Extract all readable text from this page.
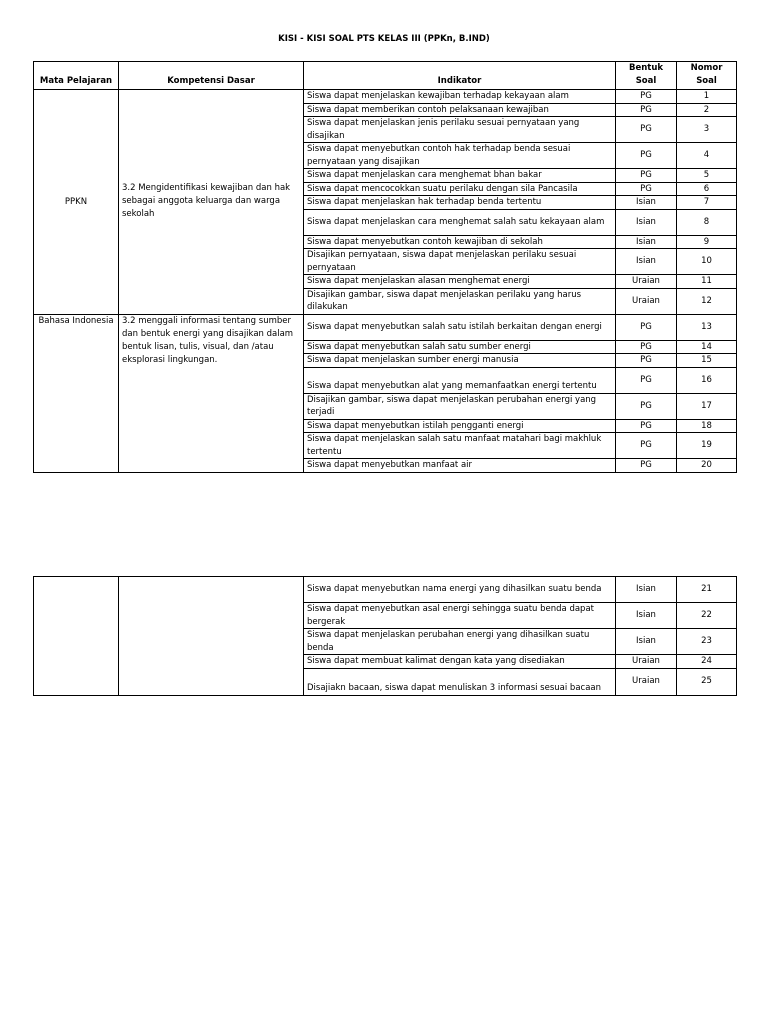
KISI - KISI SOAL PTS KELAS III (PPKn, B.IND)
Mata Pelajaran	Kompetensi Dasar	Indikator	Bentuk Soal	Nomor Soal
PPKN	3.2 Mengidentifikasi kewajiban dan hak sebagai anggota keluarga dan warga sekolah	Siswa dapat menjelaskan kewajiban terhadap kekayaan alam	PG	1
		Siswa dapat memberikan contoh pelaksanaan kewajiban	PG	2
		Siswa dapat menjelaskan jenis perilaku sesuai pernyataan yang disajikan	PG	3
		Siswa dapat menyebutkan contoh hak terhadap benda sesuai pernyataan yang disajikan	PG	4
		Siswa dapat menjelaskan cara menghemat bhan bakar	PG	5
		Siswa dapat mencocokkan suatu perilaku dengan sila Pancasila	PG	6
		Siswa dapat menjelaskan hak terhadap benda tertentu	Isian	7
		Siswa dapat menjelaskan cara menghemat salah satu kekayaan alam	Isian	8
		Siswa dapat menyebutkan contoh kewajiban di sekolah	Isian	9
		Disajikan pernyataan, siswa dapat menjelaskan perilaku sesuai pernyataan	Isian	10
		Siswa dapat menjelaskan alasan menghemat energi	Uraian	11
		Disajikan gambar, siswa dapat menjelaskan perilaku yang harus dilakukan	Uraian	12
Bahasa Indonesia	3.2 menggali informasi tentang sumber dan bentuk energi yang disajikan dalam bentuk lisan, tulis, visual, dan /atau eksplorasi lingkungan.	Siswa dapat menyebutkan salah satu istilah berkaitan dengan energi	PG	13
		Siswa dapat menyebutkan salah satu sumber energi	PG	14
		Siswa dapat menjelaskan sumber energi manusia	PG	15
		Siswa dapat menyebutkan alat yang memanfaatkan energi tertentu	PG	16
		Disajikan gambar, siswa dapat menjelaskan perubahan energi yang terjadi	PG	17
		Siswa dapat menyebutkan istilah pengganti energi	PG	18
		Siswa dapat menjelaskan salah satu manfaat matahari bagi makhluk tertentu	PG	19
		Siswa dapat menyebutkan manfaat air	PG	20
		Siswa dapat menyebutkan nama energi yang dihasilkan suatu benda	Isian	21
		Siswa dapat menyebutkan asal energi sehingga suatu benda dapat bergerak	Isian	22
		Siswa dapat menjelaskan perubahan energi yang dihasilkan suatu benda	Isian	23
		Siswa dapat membuat kalimat dengan kata yang disediakan	Uraian	24
		Disajiakn bacaan, siswa dapat menuliskan 3 informasi sesuai bacaan	Uraian	25
